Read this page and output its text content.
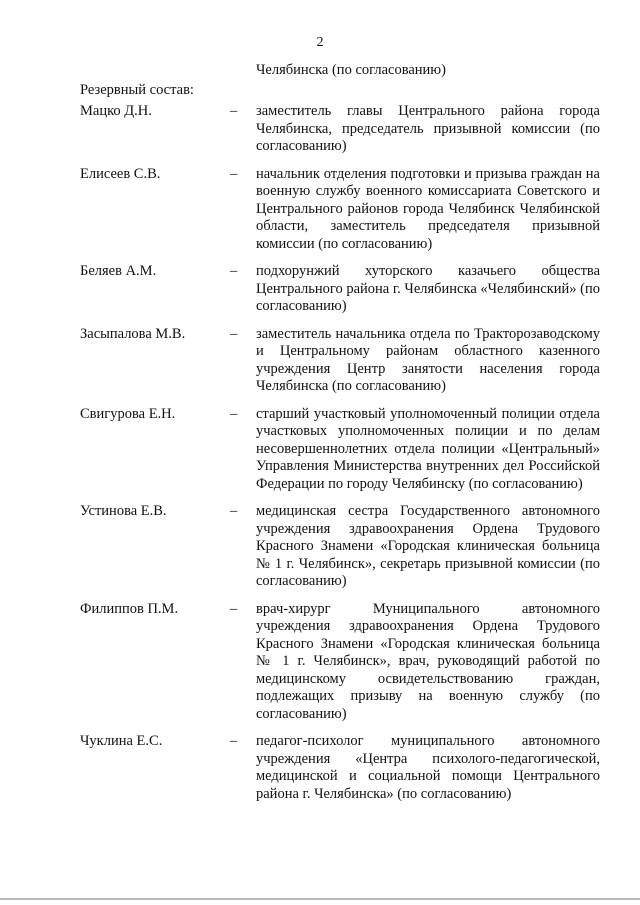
2
Челябинска (по согласованию)
Резервный состав:
Мацко Д.Н.	–	заместитель главы Центрального района города Челябинска, председатель призывной комиссии (по согласованию)
Елисеев С.В.	–	начальник отделения подготовки и призыва граждан на военную службу военного комиссариата Советского и Центрального районов города Челябинск Челябинской области, заместитель председателя призывной комиссии (по согласованию)
Беляев А.М.	–	подхорунжий хуторского казачьего общества Центрального района г. Челябинска «Челябинский» (по согласованию)
Засыпалова М.В.	–	заместитель начальника отдела по Тракторозаводскому и Центральному районам областного казенного учреждения Центр занятости населения города Челябинска (по согласованию)
Свигурова Е.Н.	–	старший участковый уполномоченный полиции отдела участковых уполномоченных полиции и по делам несовершеннолетних отдела полиции «Центральный» Управления Министерства внутренних дел Российской Федерации по городу Челябинску (по согласованию)
Устинова Е.В.	–	медицинская сестра Государственного автономного учреждения здравоохранения Ордена Трудового Красного Знамени «Городская клиническая больница № 1 г. Челябинск», секретарь призывной комиссии (по согласованию)
Филиппов П.М.	–	врач-хирург Муниципального автономного учреждения здравоохранения Ордена Трудового Красного Знамени «Городская клиническая больница № 1 г. Челябинск», врач, руководящий работой по медицинскому освидетельствованию граждан, подлежащих призыву на военную службу (по согласованию)
Чуклина Е.С.	–	педагог-психолог муниципального автономного учреждения «Центра психолого-педагогической, медицинской и социальной помощи Центрального района г. Челябинска» (по согласованию)
